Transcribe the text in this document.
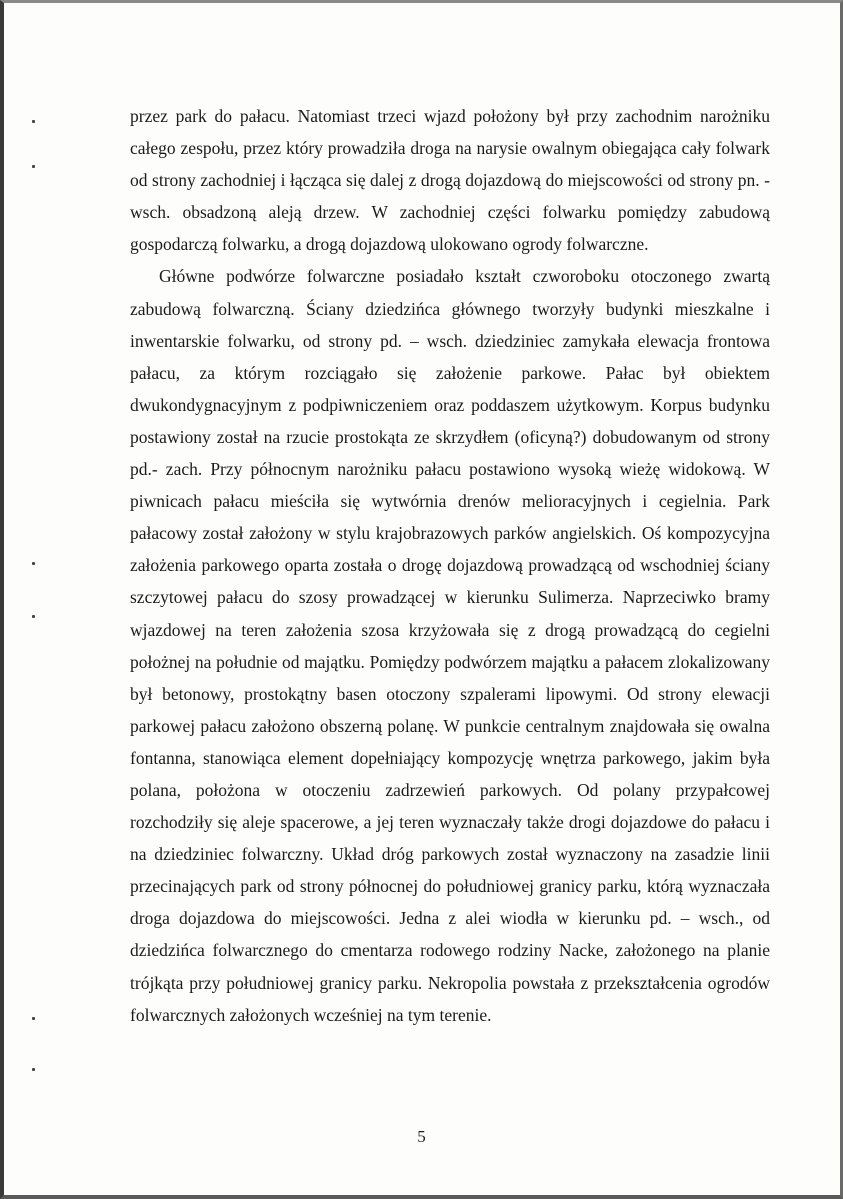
przez park do pałacu. Natomiast trzeci wjazd położony był przy zachodnim narożniku całego zespołu, przez który prowadziła droga na narysie owalnym obiegająca cały folwark od strony zachodniej i łącząca się dalej z drogą dojazdową do miejscowości od strony pn. - wsch. obsadzoną aleją drzew. W zachodniej części folwarku pomiędzy zabudową gospodarczą folwarku, a drogą dojazdową ulokowano ogrody folwarczne.

Główne podwórze folwarczne posiadało kształt czworoboku otoczonego zwartą zabudową folwarczną. Ściany dziedzińca głównego tworzyły budynki mieszkalne i inwentarskie folwarku, od strony pd. – wsch. dziedziniec zamykała elewacja frontowa pałacu, za którym rozciągało się założenie parkowe. Pałac był obiektem dwukondygnacyjnym z podpiwniczeniem oraz poddaszem użytkowym. Korpus budynku postawiony został na rzucie prostokąta ze skrzydłem (oficyną?) dobudowanym od strony pd.- zach. Przy północnym narożniku pałacu postawiono wysoką wieżę widokową. W piwnicach pałacu mieściła się wytwórnia drenów melioracyjnych i cegielnia. Park pałacowy został założony w stylu krajobrazowych parków angielskich. Oś kompozycyjna założenia parkowego oparta została o drogę dojazdową prowadzącą od wschodniej ściany szczytowej pałacu do szosy prowadzącej w kierunku Sulimerza. Naprzeciwko bramy wjazdowej na teren założenia szosa krzyżowała się z drogą prowadzącą do cegielni położnej na południe od majątku. Pomiędzy podwórzem majątku a pałacem zlokalizowany był betonowy, prostokątny basen otoczony szpalerami lipowymi. Od strony elewacji parkowej pałacu założono obszerną polanę. W punkcie centralnym znajdowała się owalna fontanna, stanowiąca element dopełniający kompozycję wnętrza parkowego, jakim była polana, położona w otoczeniu zadrzewień parkowych. Od polany przypałcowej rozchodziły się aleje spacerowe, a jej teren wyznaczały także drogi dojazdowe do pałacu i na dziedziniec folwarczny. Układ dróg parkowych został wyznaczony na zasadzie linii przecinających park od strony północnej do południowej granicy parku, którą wyznaczała droga dojazdowa do miejscowości. Jedna z alei wiodła w kierunku pd. – wsch., od dziedzińca folwarcznego do cmentarza rodowego rodziny Nacke, założonego na planie trójkąta przy południowej granicy parku. Nekropolia powstała z przekształcenia ogrodów folwarcznych założonych wcześniej na tym terenie.

5
